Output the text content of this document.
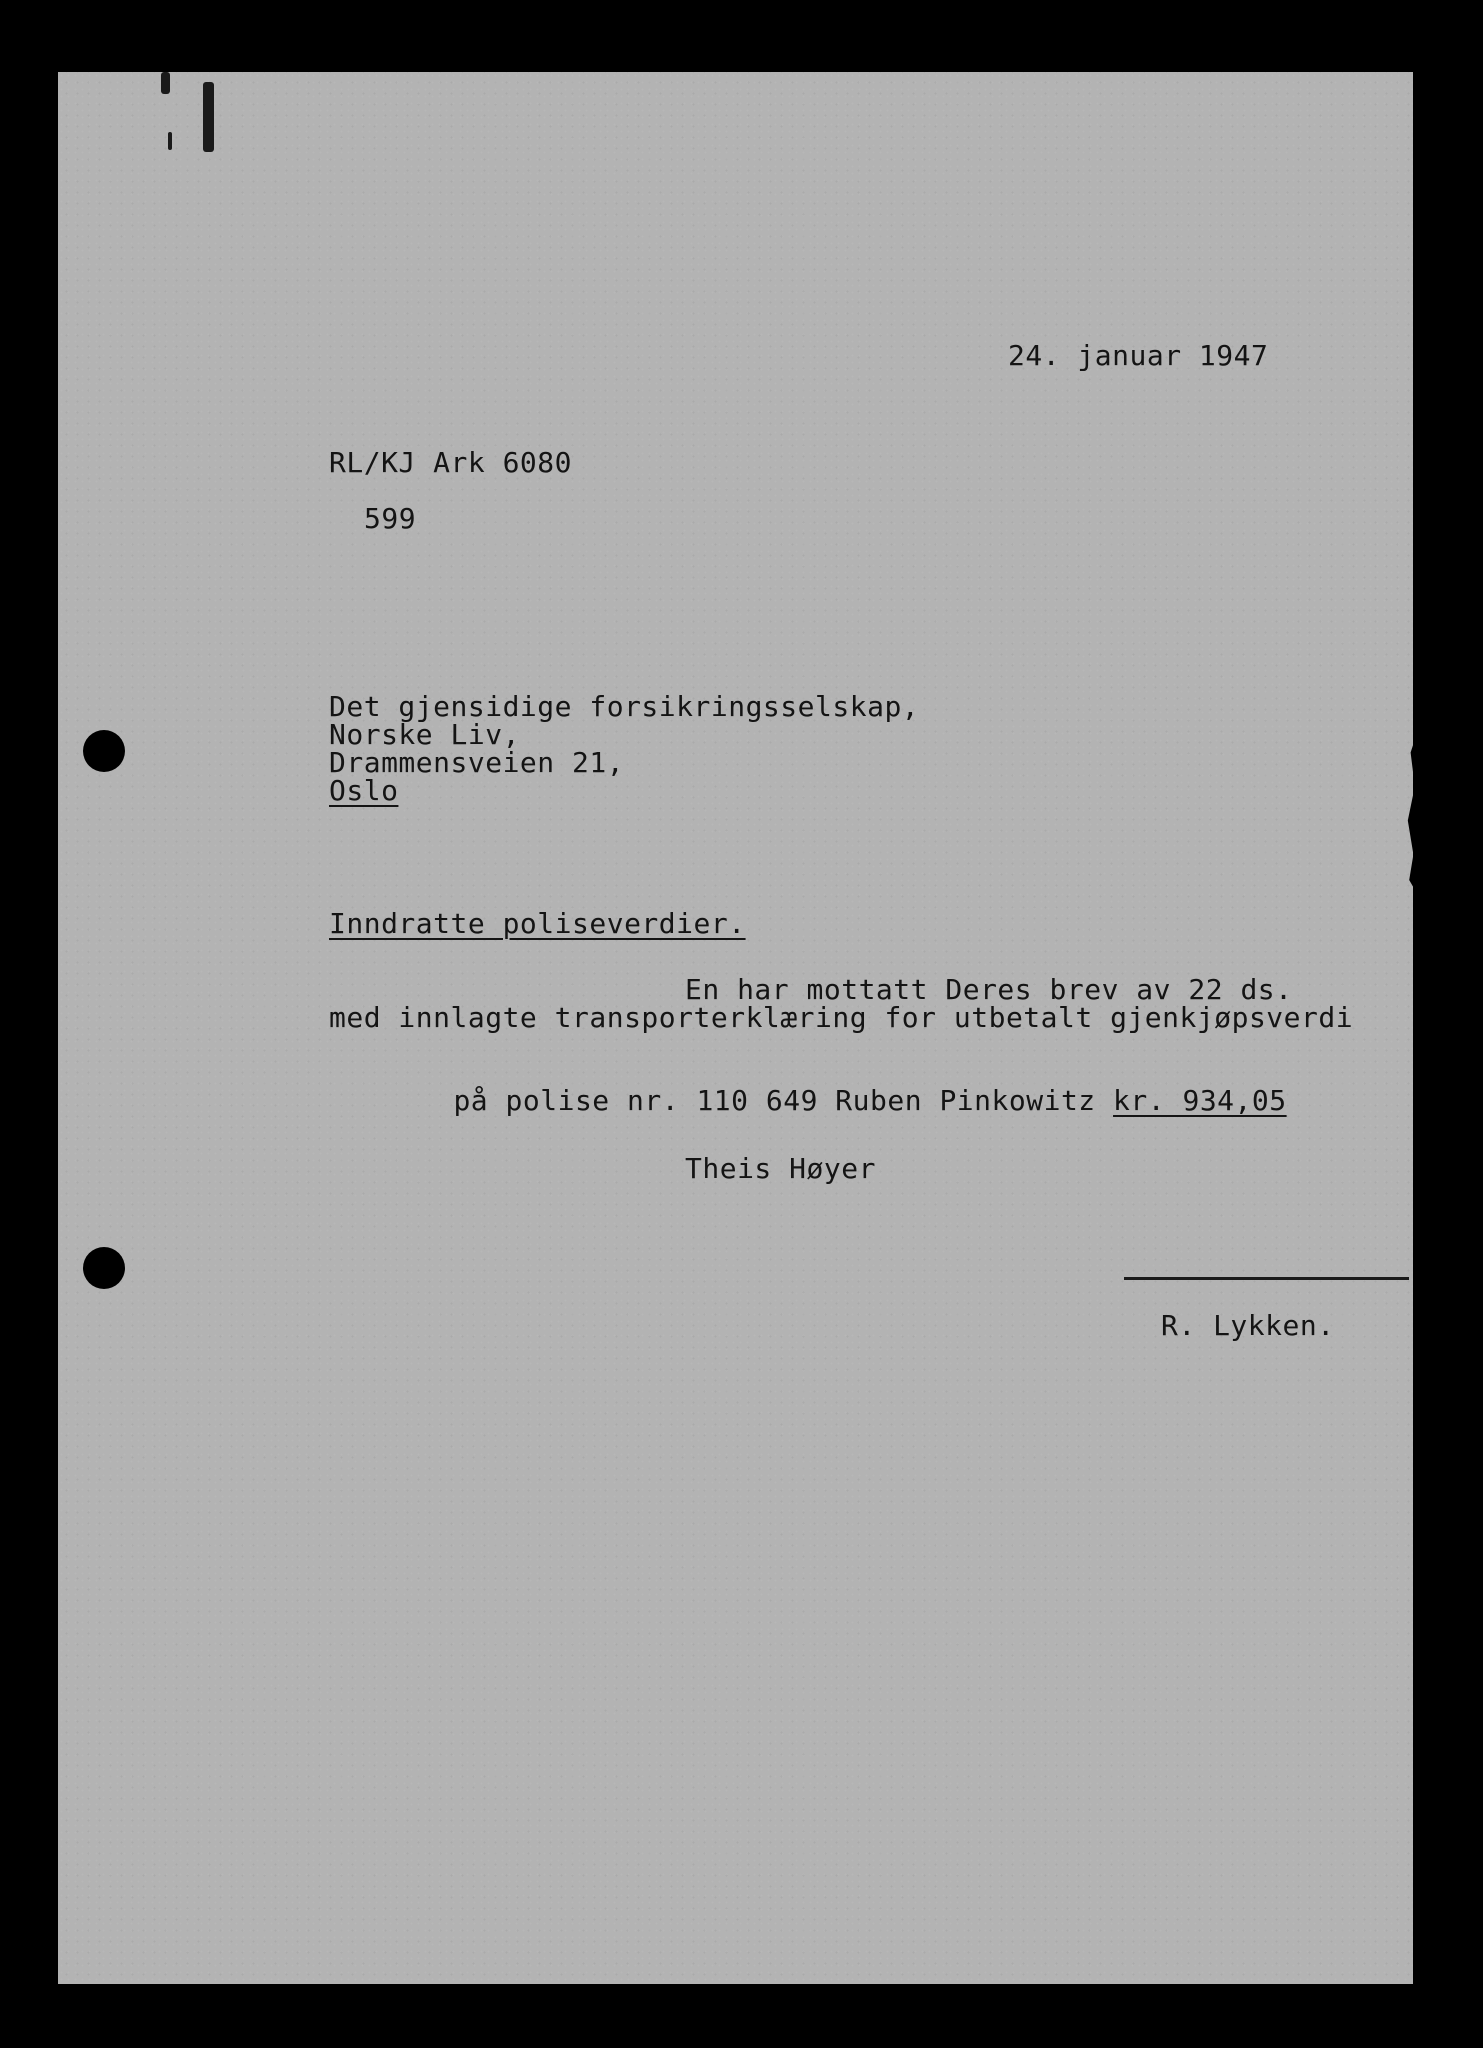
24. januar 1947
RL/KJ Ark 6080
599
Det gjensidige forsikringsselskap,
Norske Liv,
Drammensveien 21,
Oslo
Inndratte poliseverdier.
En har mottatt Deres brev av 22 ds.
med innlagte transporterklæring for utbetalt gjenkjøpsverdi

på polise nr. 110 649 Ruben Pinkowitz kr. 934,05

Theis Høyer
R. Lykken.
